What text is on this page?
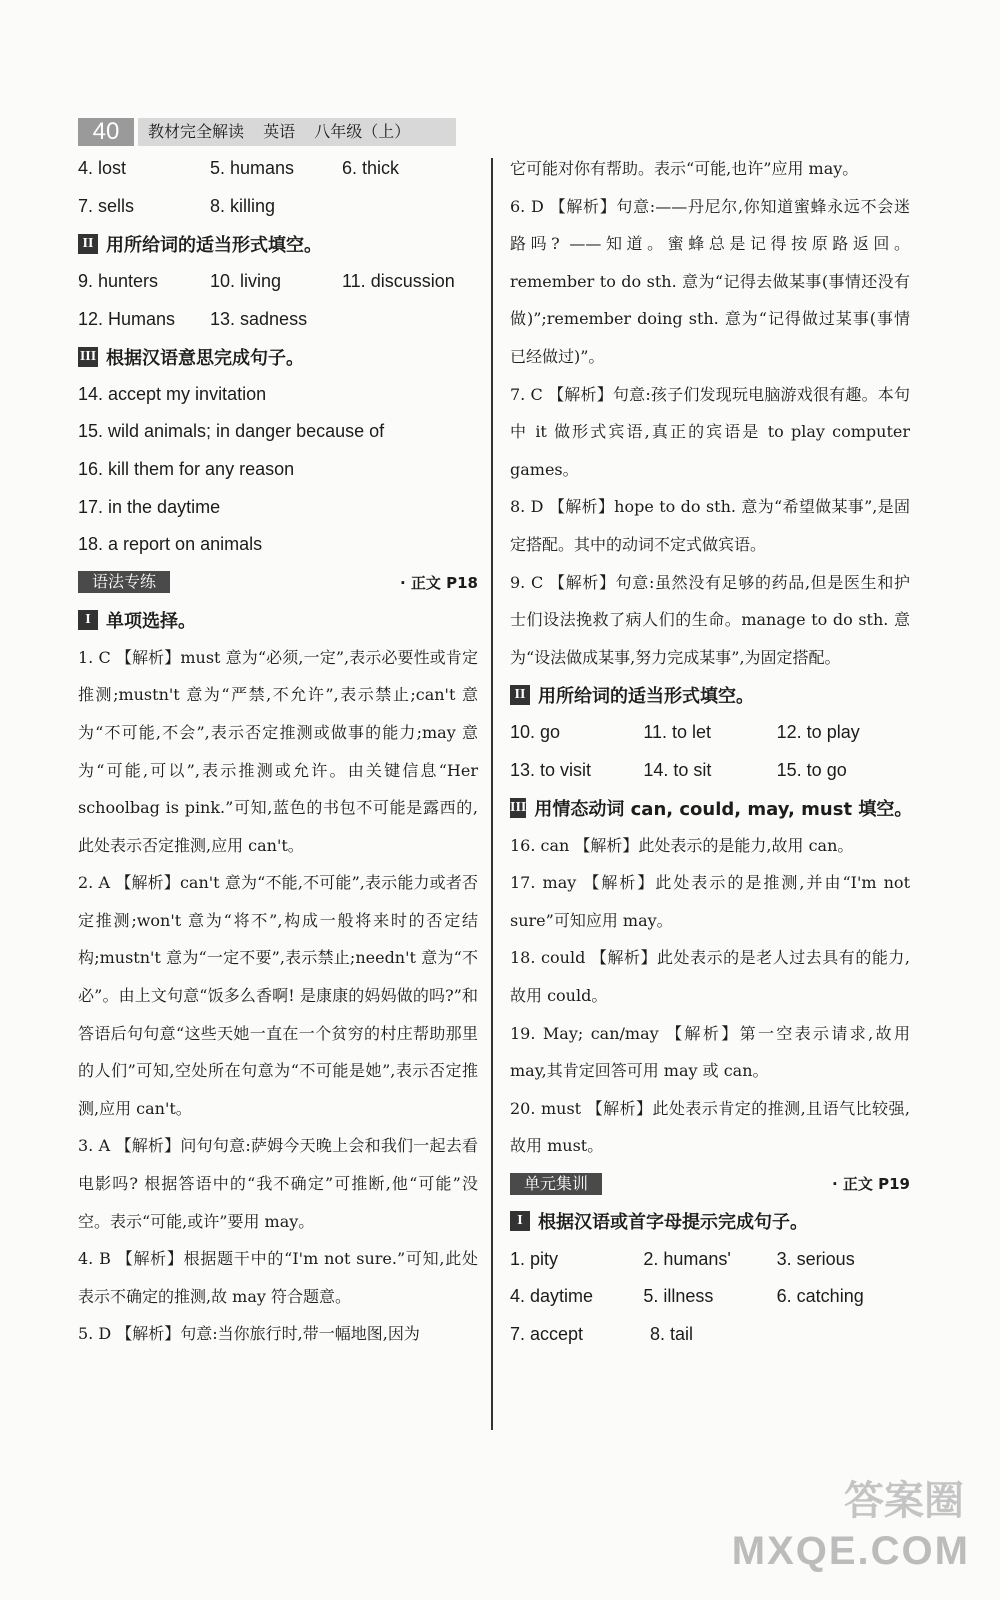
40	教材完全解读 英语 八年级（上）
4. lost	5. humans	6. thick
7. sells	8. killing
II 用所给词的适当形式填空。
9. hunters	10. living	11. discussion
12. Humans	13. sadness
III 根据汉语意思完成句子。
14. accept my invitation
15. wild animals; in danger because of
16. kill them for any reason
17. in the daytime
18. a report on animals
语法专练	· 正文 P18
I 单项选择。
1. C 【解析】must 意为“必须,一定”,表示必要性或肯定推测;mustn't 意为“严禁,不允许”,表示禁止;can't 意为“不可能,不会”,表示否定推测或做事的能力;may 意为“可能,可以”,表示推测或允许。由关键信息“Her schoolbag is pink.”可知,蓝色的书包不可能是露西的,此处表示否定推测,应用 can't。
2. A 【解析】can't 意为“不能,不可能”,表示能力或者否定推测;won't 意为“将不”,构成一般将来时的否定结构;mustn't 意为“一定不要”,表示禁止;needn't 意为“不必”。由上文句意“饭多么香啊! 是康康的妈妈做的吗?”和答语后句句意“这些天她一直在一个贫穷的村庄帮助那里的人们”可知,空处所在句意为“不可能是她”,表示否定推测,应用 can't。
3. A 【解析】问句句意:萨姆今天晚上会和我们一起去看电影吗? 根据答语中的“我不确定”可推断,他“可能”没空。表示“可能,或许”要用 may。
4. B 【解析】根据题干中的“I'm not sure.”可知,此处表示不确定的推测,故 may 符合题意。
5. D 【解析】句意:当你旅行时,带一幅地图,因为
它可能对你有帮助。表示“可能,也许”应用 may。
6. D 【解析】句意:——丹尼尔,你知道蜜蜂永远不会迷路吗? ——知道。蜜蜂总是记得按原路返回。remember to do sth. 意为“记得去做某事(事情还没有做)”;remember doing sth. 意为“记得做过某事(事情已经做过)”。
7. C 【解析】句意:孩子们发现玩电脑游戏很有趣。本句中 it 做形式宾语,真正的宾语是 to play computer games。
8. D 【解析】hope to do sth. 意为“希望做某事”,是固定搭配。其中的动词不定式做宾语。
9. C 【解析】句意:虽然没有足够的药品,但是医生和护士们设法挽救了病人们的生命。manage to do sth. 意为“设法做成某事,努力完成某事”,为固定搭配。
II 用所给词的适当形式填空。
10. go	11. to let	12. to play
13. to visit	14. to sit	15. to go
III 用情态动词 can, could, may, must 填空。
16. can 【解析】此处表示的是能力,故用 can。
17. may 【解析】此处表示的是推测,并由“I'm not sure”可知应用 may。
18. could 【解析】此处表示的是老人过去具有的能力,故用 could。
19. May; can/may 【解析】第一空表示请求,故用 may,其肯定回答可用 may 或 can。
20. must 【解析】此处表示肯定的推测,且语气比较强,故用 must。
单元集训	· 正文 P19
I 根据汉语或首字母提示完成句子。
1. pity	2. humans'	3. serious
4. daytime	5. illness	6. catching
7. accept	8. tail
答案圈
MXQE.COM
